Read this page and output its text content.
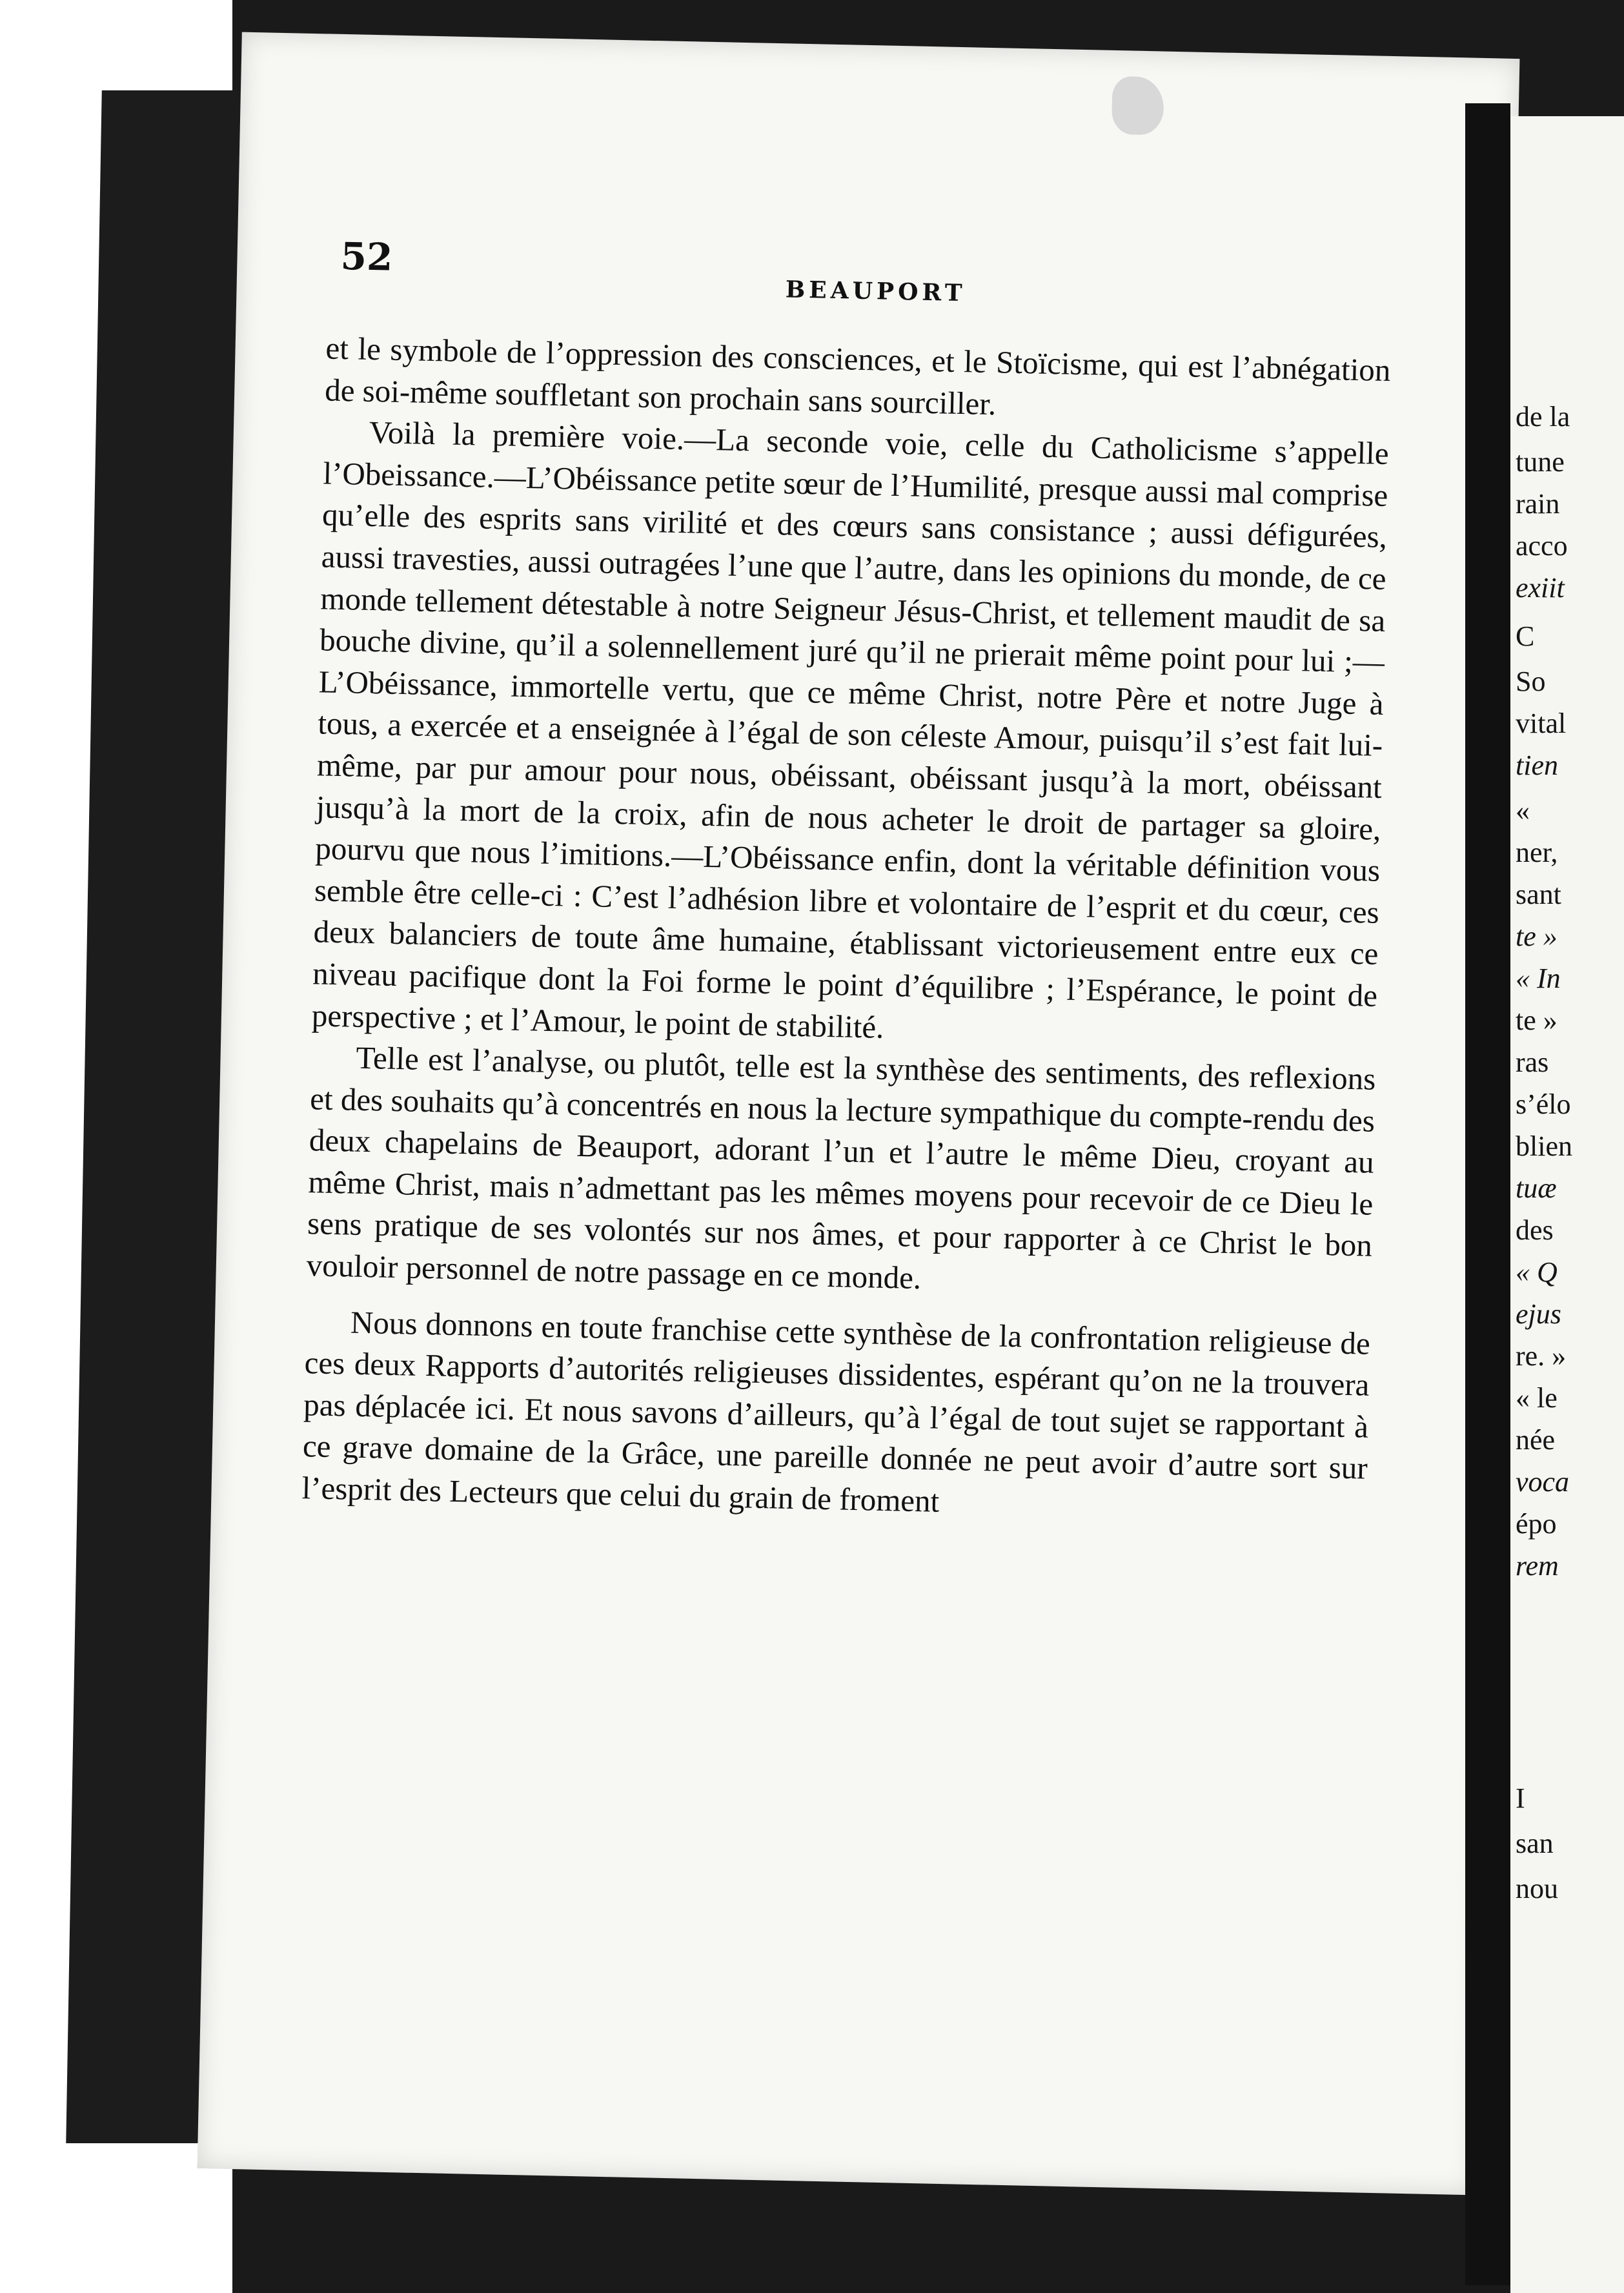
52
BEAUPORT

et le symbole de l’oppression des consciences, et le Stoïcisme, qui est l’abnégation de soi-même souffletant son prochain sans sourciller.

Voilà la première voie.—La seconde voie, celle du Catholicisme s’appelle l’Obeissance.—L’Obéissance petite sœur de l’Humilité, presque aussi mal comprise qu’elle des esprits sans virilité et des cœurs sans consistance ; aussi défigurées, aussi travesties, aussi outragées l’une que l’autre, dans les opinions du monde, de ce monde tellement détestable à notre Seigneur Jésus-Christ, et tellement maudit de sa bouche divine, qu’il a solennellement juré qu’il ne prierait même point pour lui ;—L’Obéissance, immortelle vertu, que ce même Christ, notre Père et notre Juge à tous, a exercée et a enseignée à l’égal de son céleste Amour, puisqu’il s’est fait lui-même, par pur amour pour nous, obéissant, obéissant jusqu’à la mort, obéissant jusqu’à la mort de la croix, afin de nous acheter le droit de partager sa gloire, pourvu que nous l’imitions.—L’Obéissance enfin, dont la véritable définition vous semble être celle-ci : C’est l’adhésion libre et volontaire de l’esprit et du cœur, ces deux balanciers de toute âme humaine, établissant victorieusement entre eux ce niveau pacifique dont la Foi forme le point d’équilibre ; l’Espérance, le point de perspective ; et l’Amour, le point de stabilité.

Telle est l’analyse, ou plutôt, telle est la synthèse des sentiments, des reflexions et des souhaits qu’à concentrés en nous la lecture sympathique du compte-rendu des deux chapelains de Beauport, adorant l’un et l’autre le même Dieu, croyant au même Christ, mais n’admettant pas les mêmes moyens pour recevoir de ce Dieu le sens pratique de ses volontés sur nos âmes, et pour rapporter à ce Christ le bon vouloir personnel de notre passage en ce monde.

Nous donnons en toute franchise cette synthèse de la confrontation religieuse de ces deux Rapports d’autorités religieuses dissidentes, espérant qu’on ne la trouvera pas déplacée ici. Et nous savons d’ailleurs, qu’à l’égal de tout sujet se rapportant à ce grave domaine de la Grâce, une pareille donnée ne peut avoir d’autre sort sur l’esprit des Lecteurs que celui du grain de froment

de la
tune
rain
acco
exiit
C
So
vital
tien
«
ner,
sant
te »
« In
te »
ras
s’élo
blien
tuæ
des
« Q
ejus
re. »
« le
née
voca
épo
rem
I
san
nou
